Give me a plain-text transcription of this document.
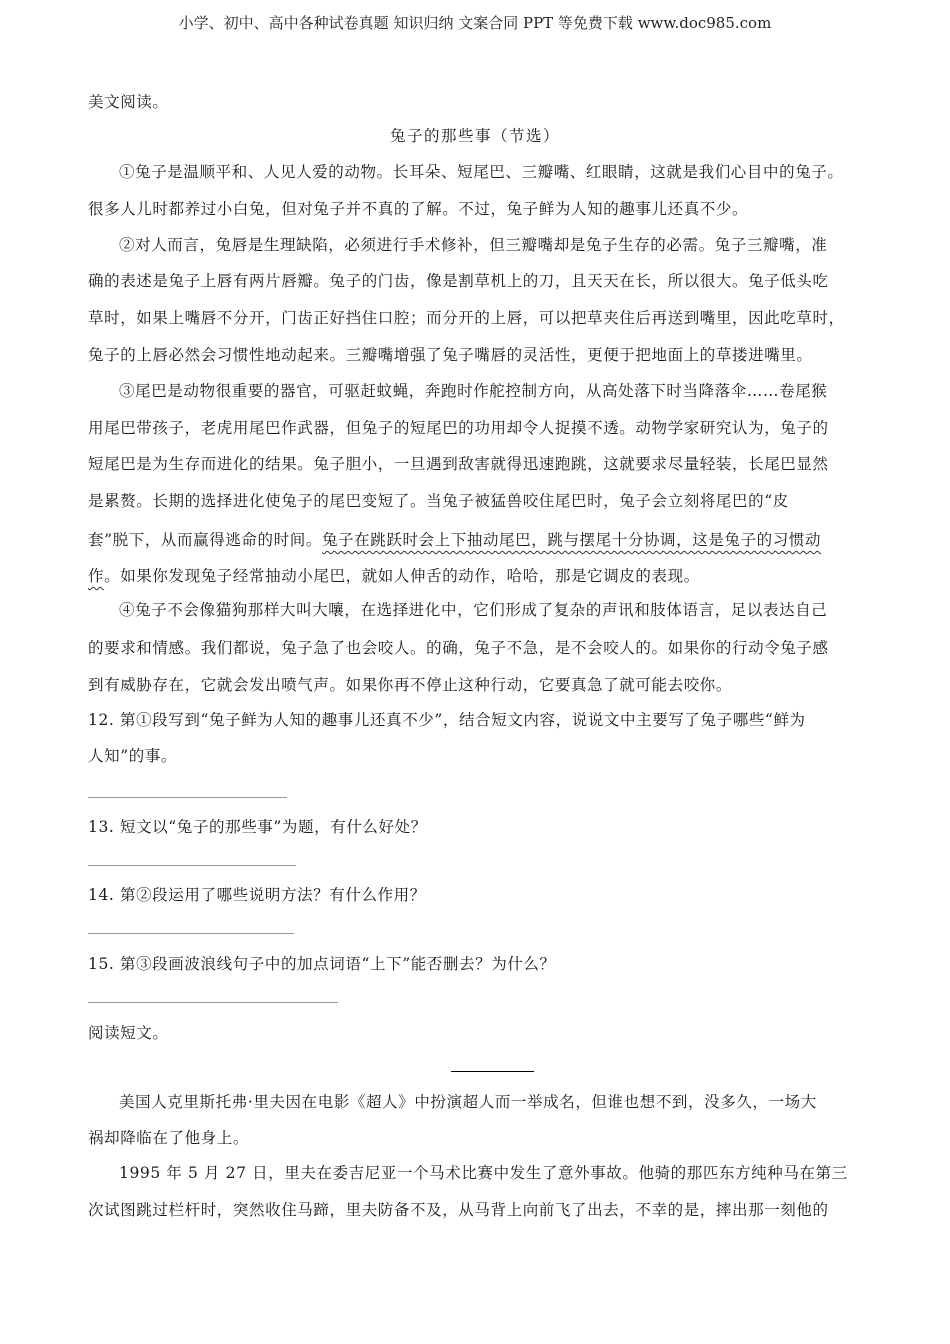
小学、初中、高中各种试卷真题 知识归纳 文案合同 PPT 等免费下载 www.doc985.com
美文阅读。
兔子的那些事（节选）
①兔子是温顺平和、人见人爱的动物。长耳朵、短尾巴、三瓣嘴、红眼睛，这就是我们心目中的兔子。
很多人儿时都养过小白兔，但对兔子并不真的了解。不过，兔子鲜为人知的趣事儿还真不少。
②对人而言，兔唇是生理缺陷，必须进行手术修补，但三瓣嘴却是兔子生存的必需。兔子三瓣嘴，准
确的表述是兔子上唇有两片唇瓣。兔子的门齿，像是割草机上的刀，且天天在长，所以很大。兔子低头吃
草时，如果上嘴唇不分开，门齿正好挡住口腔；而分开的上唇，可以把草夹住后再送到嘴里，因此吃草时，
兔子的上唇必然会习惯性地动起来。三瓣嘴增强了兔子嘴唇的灵活性，更便于把地面上的草搂进嘴里。
③尾巴是动物很重要的器官，可驱赶蚊蝇，奔跑时作舵控制方向，从高处落下时当降落伞……卷尾猴
用尾巴带孩子，老虎用尾巴作武器，但兔子的短尾巴的功用却令人捉摸不透。动物学家研究认为，兔子的
短尾巴是为生存而进化的结果。兔子胆小，一旦遇到敌害就得迅速跑跳，这就要求尽量轻装，长尾巴显然
是累赘。长期的选择进化使兔子的尾巴变短了。当兔子被猛兽咬住尾巴时，兔子会立刻将尾巴的“皮
套”脱下，从而赢得逃命的时间。兔子在跳跃时会上下抽动尾巴，跳与摆尾十分协调，这是兔子的习惯动
作。如果你发现兔子经常抽动小尾巴，就如人伸舌的动作，哈哈，那是它调皮的表现。
④兔子不会像猫狗那样大叫大嚷，在选择进化中，它们形成了复杂的声讯和肢体语言，足以表达自己
的要求和情感。我们都说，兔子急了也会咬人。的确，兔子不急，是不会咬人的。如果你的行动令兔子感
到有威胁存在，它就会发出喷气声。如果你再不停止这种行动，它要真急了就可能去咬你。
12. 第①段写到“兔子鲜为人知的趣事儿还真不少”，结合短文内容，说说文中主要写了兔子哪些“鲜为
人知”的事。
13. 短文以“兔子的那些事”为题，有什么好处？
14. 第②段运用了哪些说明方法？有什么作用？
15. 第③段画波浪线句子中的加点词语“上下”能否删去？为什么？
阅读短文。
美国人克里斯托弗·里夫因在电影《超人》中扮演超人而一举成名，但谁也想不到，没多久，一场大
祸却降临在了他身上。
1995 年 5 月 27 日，里夫在委吉尼亚一个马术比赛中发生了意外事故。他骑的那匹东方纯种马在第三
次试图跳过栏杆时，突然收住马蹄，里夫防备不及，从马背上向前飞了出去，不幸的是，摔出那一刻他的
